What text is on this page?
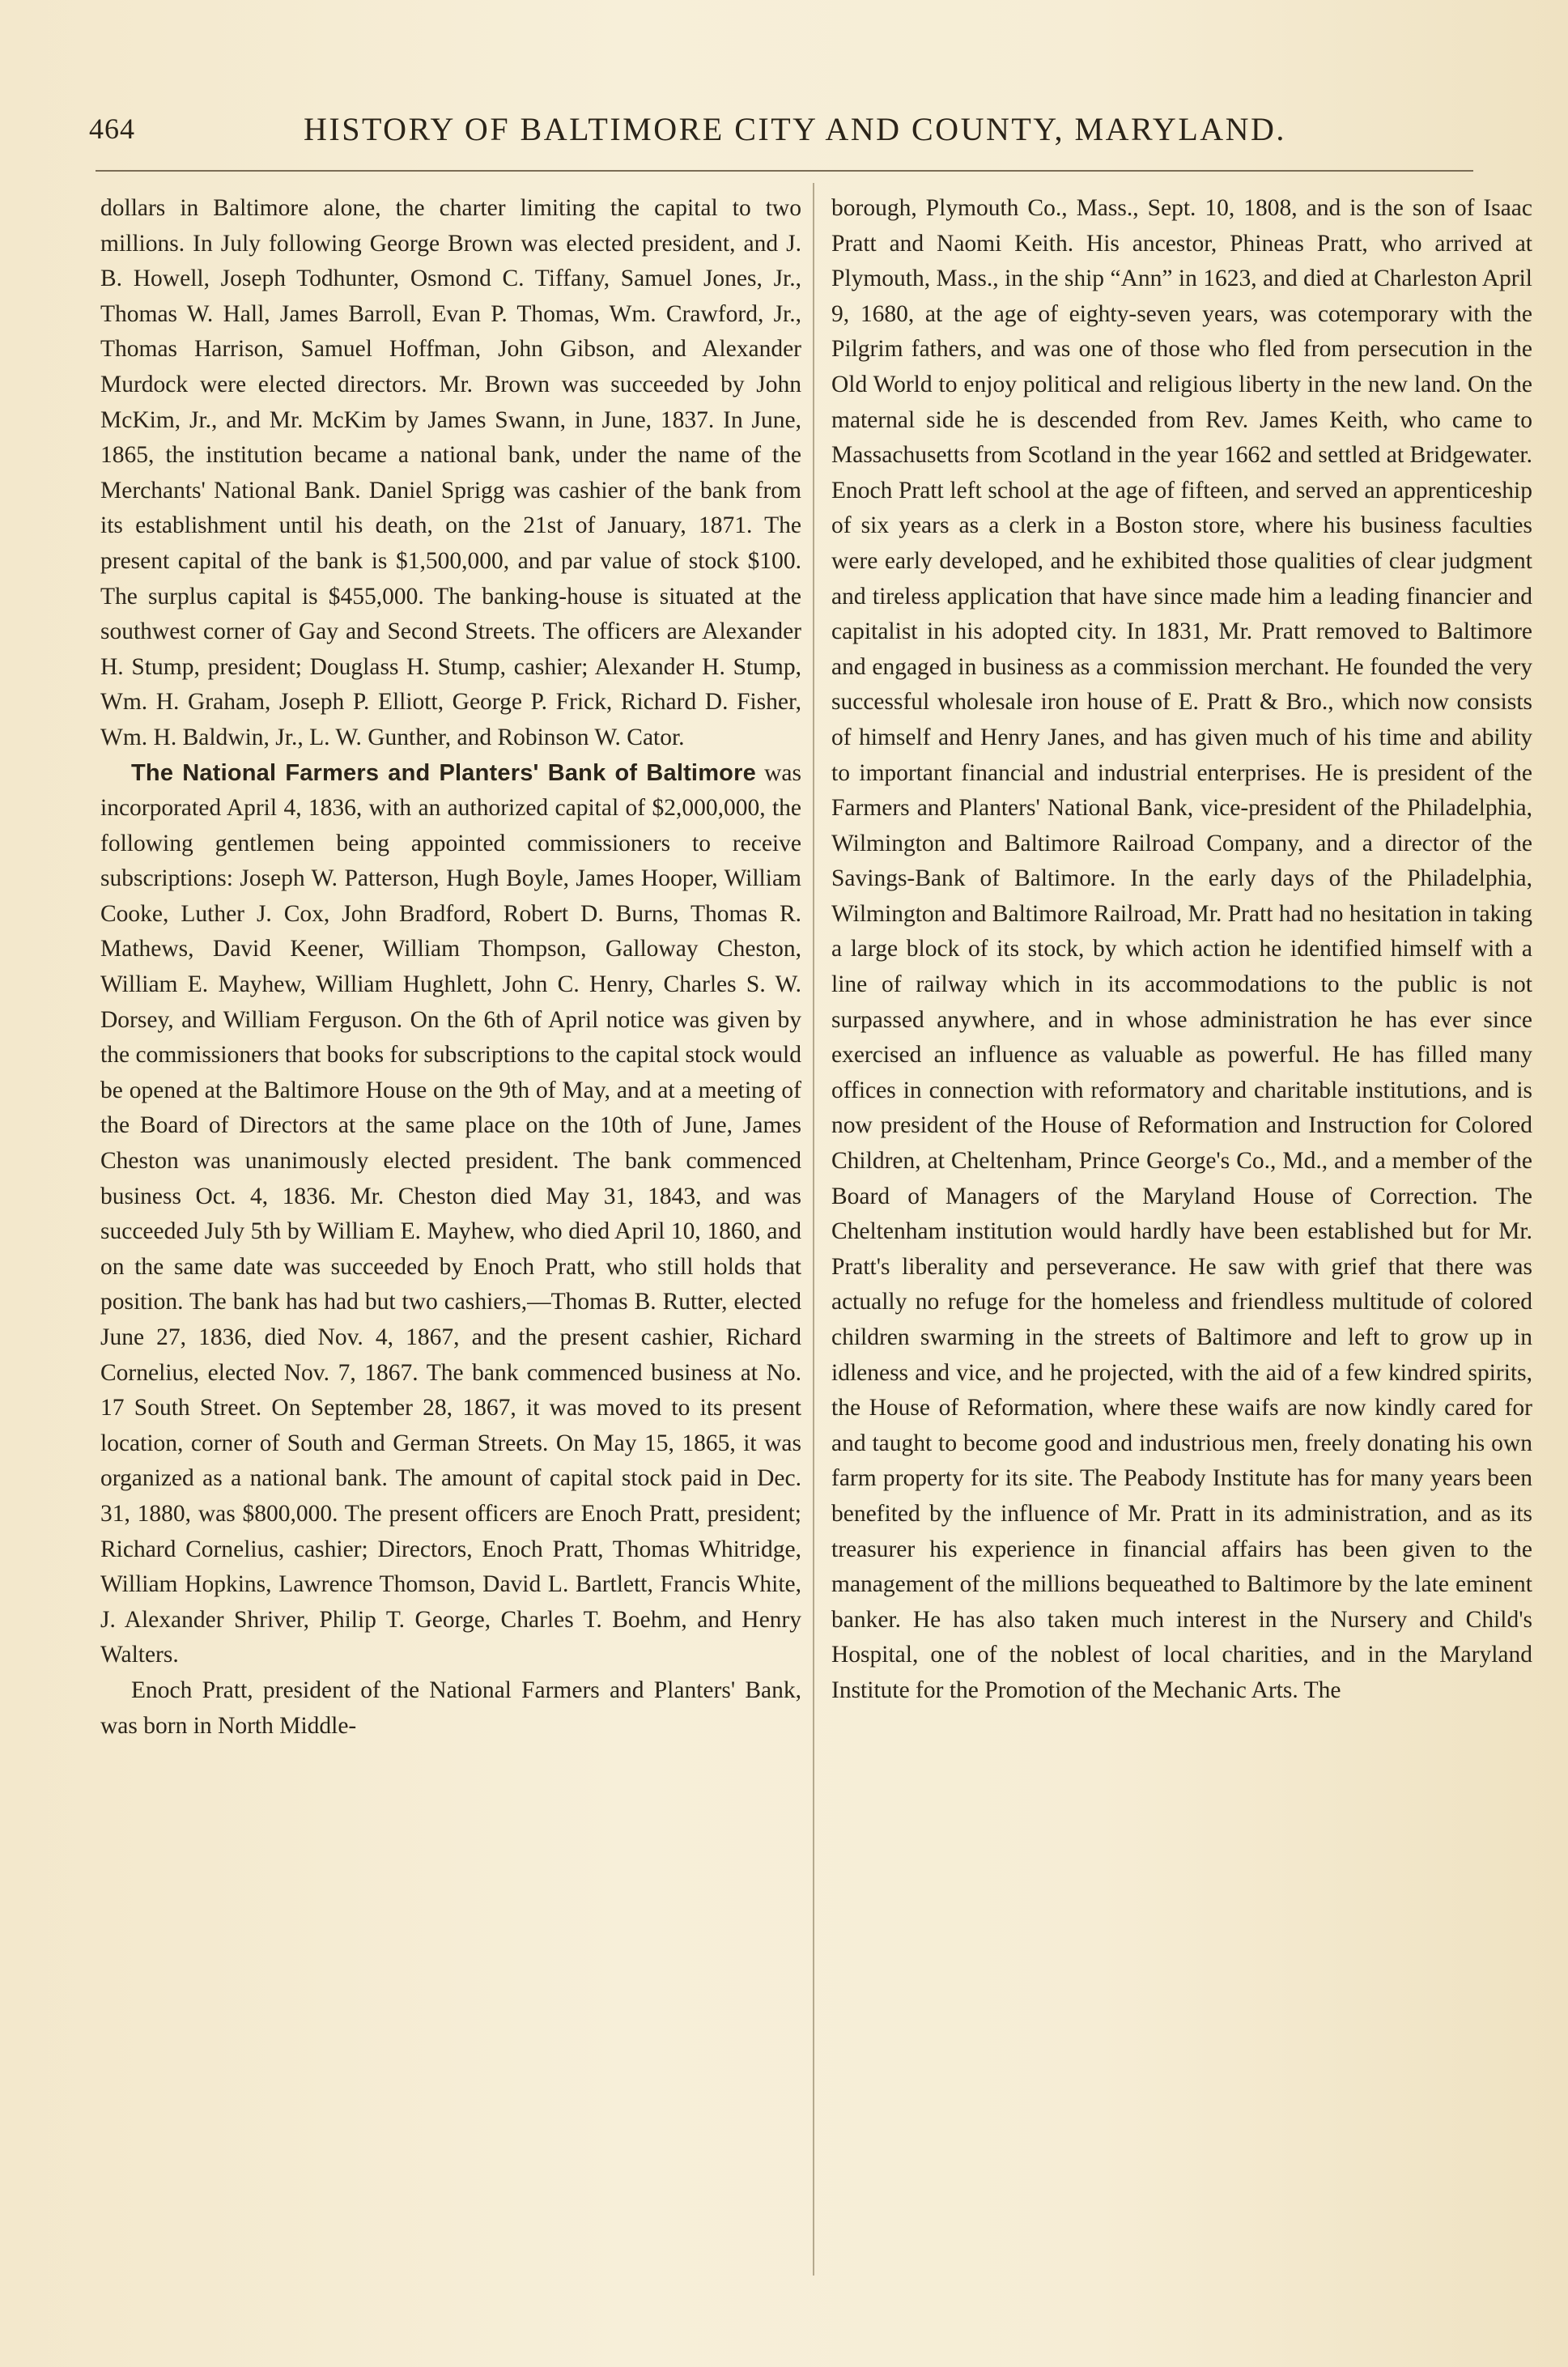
464	HISTORY OF BALTIMORE CITY AND COUNTY, MARYLAND.

dollars in Baltimore alone, the charter limiting the capital to two millions. In July following George Brown was elected president, and J. B. Howell, Joseph Todhunter, Osmond C. Tiffany, Samuel Jones, Jr., Thomas W. Hall, James Barroll, Evan P. Thomas, Wm. Crawford, Jr., Thomas Harrison, Samuel Hoffman, John Gibson, and Alexander Murdock were elected directors. Mr. Brown was succeeded by John McKim, Jr., and Mr. McKim by James Swann, in June, 1837. In June, 1865, the institution became a national bank, under the name of the Merchants' National Bank. Daniel Sprigg was cashier of the bank from its establishment until his death, on the 21st of January, 1871. The present capital of the bank is $1,500,000, and par value of stock $100. The surplus capital is $455,000. The banking-house is situated at the southwest corner of Gay and Second Streets. The officers are Alexander H. Stump, president; Douglass H. Stump, cashier; Alexander H. Stump, Wm. H. Graham, Joseph P. Elliott, George P. Frick, Richard D. Fisher, Wm. H. Baldwin, Jr., L. W. Gunther, and Robinson W. Cator.

The National Farmers and Planters' Bank of Baltimore was incorporated April 4, 1836, with an authorized capital of $2,000,000, the following gentlemen being appointed commissioners to receive subscriptions: Joseph W. Patterson, Hugh Boyle, James Hooper, William Cooke, Luther J. Cox, John Bradford, Robert D. Burns, Thomas R. Mathews, David Keener, William Thompson, Galloway Cheston, William E. Mayhew, William Hughlett, John C. Henry, Charles S. W. Dorsey, and William Ferguson. On the 6th of April notice was given by the commissioners that books for subscriptions to the capital stock would be opened at the Baltimore House on the 9th of May, and at a meeting of the Board of Directors at the same place on the 10th of June, James Cheston was unanimously elected president. The bank commenced business Oct. 4, 1836. Mr. Cheston died May 31, 1843, and was succeeded July 5th by William E. Mayhew, who died April 10, 1860, and on the same date was succeeded by Enoch Pratt, who still holds that position. The bank has had but two cashiers,—Thomas B. Rutter, elected June 27, 1836, died Nov. 4, 1867, and the present cashier, Richard Cornelius, elected Nov. 7, 1867. The bank commenced business at No. 17 South Street. On September 28, 1867, it was moved to its present location, corner of South and German Streets. On May 15, 1865, it was organized as a national bank. The amount of capital stock paid in Dec. 31, 1880, was $800,000. The present officers are Enoch Pratt, president; Richard Cornelius, cashier; Directors, Enoch Pratt, Thomas Whitridge, William Hopkins, Lawrence Thomson, David L. Bartlett, Francis White, J. Alexander Shriver, Philip T. George, Charles T. Boehm, and Henry Walters.

Enoch Pratt, president of the National Farmers and Planters' Bank, was born in North Middle-

borough, Plymouth Co., Mass., Sept. 10, 1808, and is the son of Isaac Pratt and Naomi Keith. His ancestor, Phineas Pratt, who arrived at Plymouth, Mass., in the ship “Ann” in 1623, and died at Charleston April 9, 1680, at the age of eighty-seven years, was cotemporary with the Pilgrim fathers, and was one of those who fled from persecution in the Old World to enjoy political and religious liberty in the new land. On the maternal side he is descended from Rev. James Keith, who came to Massachusetts from Scotland in the year 1662 and settled at Bridgewater. Enoch Pratt left school at the age of fifteen, and served an apprenticeship of six years as a clerk in a Boston store, where his business faculties were early developed, and he exhibited those qualities of clear judgment and tireless application that have since made him a leading financier and capitalist in his adopted city. In 1831, Mr. Pratt removed to Baltimore and engaged in business as a commission merchant. He founded the very successful wholesale iron house of E. Pratt & Bro., which now consists of himself and Henry Janes, and has given much of his time and ability to important financial and industrial enterprises. He is president of the Farmers and Planters' National Bank, vice-president of the Philadelphia, Wilmington and Baltimore Railroad Company, and a director of the Savings-Bank of Baltimore. In the early days of the Philadelphia, Wilmington and Baltimore Railroad, Mr. Pratt had no hesitation in taking a large block of its stock, by which action he identified himself with a line of railway which in its accommodations to the public is not surpassed anywhere, and in whose administration he has ever since exercised an influence as valuable as powerful. He has filled many offices in connection with reformatory and charitable institutions, and is now president of the House of Reformation and Instruction for Colored Children, at Cheltenham, Prince George's Co., Md., and a member of the Board of Managers of the Maryland House of Correction. The Cheltenham institution would hardly have been established but for Mr. Pratt's liberality and perseverance. He saw with grief that there was actually no refuge for the homeless and friendless multitude of colored children swarming in the streets of Baltimore and left to grow up in idleness and vice, and he projected, with the aid of a few kindred spirits, the House of Reformation, where these waifs are now kindly cared for and taught to become good and industrious men, freely donating his own farm property for its site. The Peabody Institute has for many years been benefited by the influence of Mr. Pratt in its administration, and as its treasurer his experience in financial affairs has been given to the management of the millions bequeathed to Baltimore by the late eminent banker. He has also taken much interest in the Nursery and Child's Hospital, one of the noblest of local charities, and in the Maryland Institute for the Promotion of the Mechanic Arts. The
